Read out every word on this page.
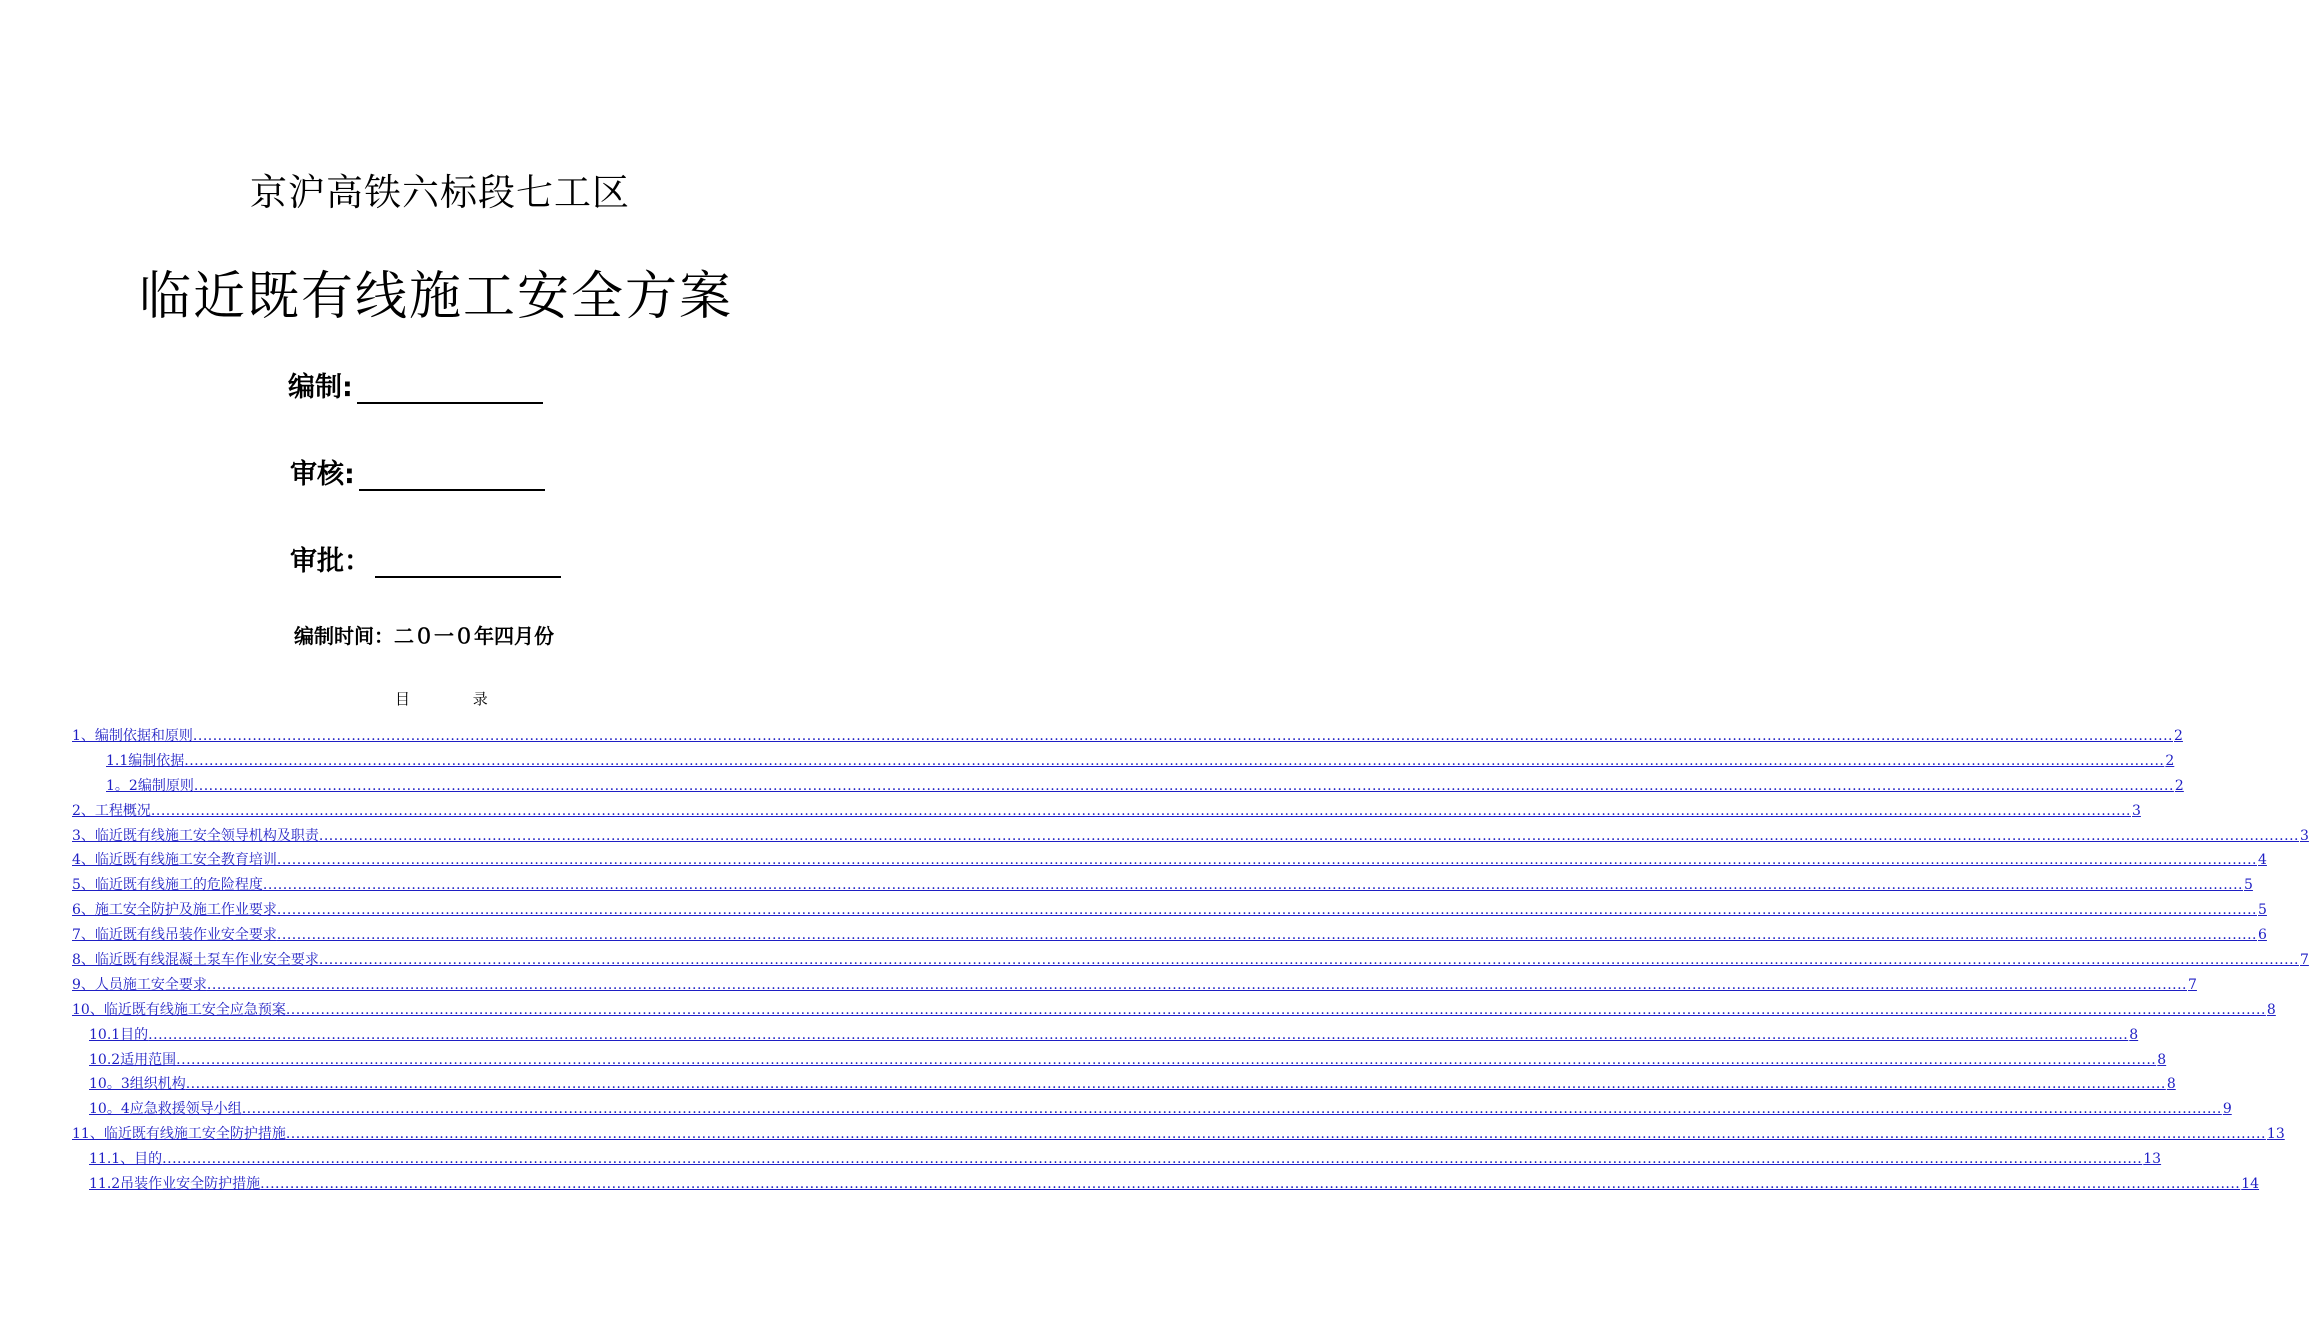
京沪高铁六标段七工区
临近既有线施工安全方案
编制:
审核:
审批：
编制时间：二０一０年四月份
目	录
1、编制依据和原则 ................................................................................................................................................................................................................................................................................................................................................................................................................ 2
1.1编制依据 ................................................................................................................................................................................................................................................................................................................................................................................................................ 2
1。2编制原则 ................................................................................................................................................................................................................................................................................................................................................................................................................ 2
2、工程概况 ................................................................................................................................................................................................................................................................................................................................................................................................................ 3
3、临近既有线施工安全领导机构及职责 ................................................................................................................................................................................................................................................................................................................................................................................................................ 3
4、临近既有线施工安全教育培训 ................................................................................................................................................................................................................................................................................................................................................................................................................ 4
5、临近既有线施工的危险程度 ................................................................................................................................................................................................................................................................................................................................................................................................................ 5
6、施工安全防护及施工作业要求 ................................................................................................................................................................................................................................................................................................................................................................................................................ 5
7、临近既有线吊装作业安全要求 ................................................................................................................................................................................................................................................................................................................................................................................................................ 6
8、临近既有线混凝土泵车作业安全要求 ................................................................................................................................................................................................................................................................................................................................................................................................................ 7
9、人员施工安全要求 ................................................................................................................................................................................................................................................................................................................................................................................................................ 7
10、临近既有线施工安全应急预案 ................................................................................................................................................................................................................................................................................................................................................................................................................ 8
10.1目的 ................................................................................................................................................................................................................................................................................................................................................................................................................ 8
10.2适用范围 ................................................................................................................................................................................................................................................................................................................................................................................................................ 8
10。3组织机构 ................................................................................................................................................................................................................................................................................................................................................................................................................ 8
10。4应急救援领导小组 ................................................................................................................................................................................................................................................................................................................................................................................................................ 9
11、临近既有线施工安全防护措施 ................................................................................................................................................................................................................................................................................................................................................................................................................ 13
11.1、目的 ................................................................................................................................................................................................................................................................................................................................................................................................................ 13
11.2吊装作业安全防护措施 ................................................................................................................................................................................................................................................................................................................................................................................................................ 14
